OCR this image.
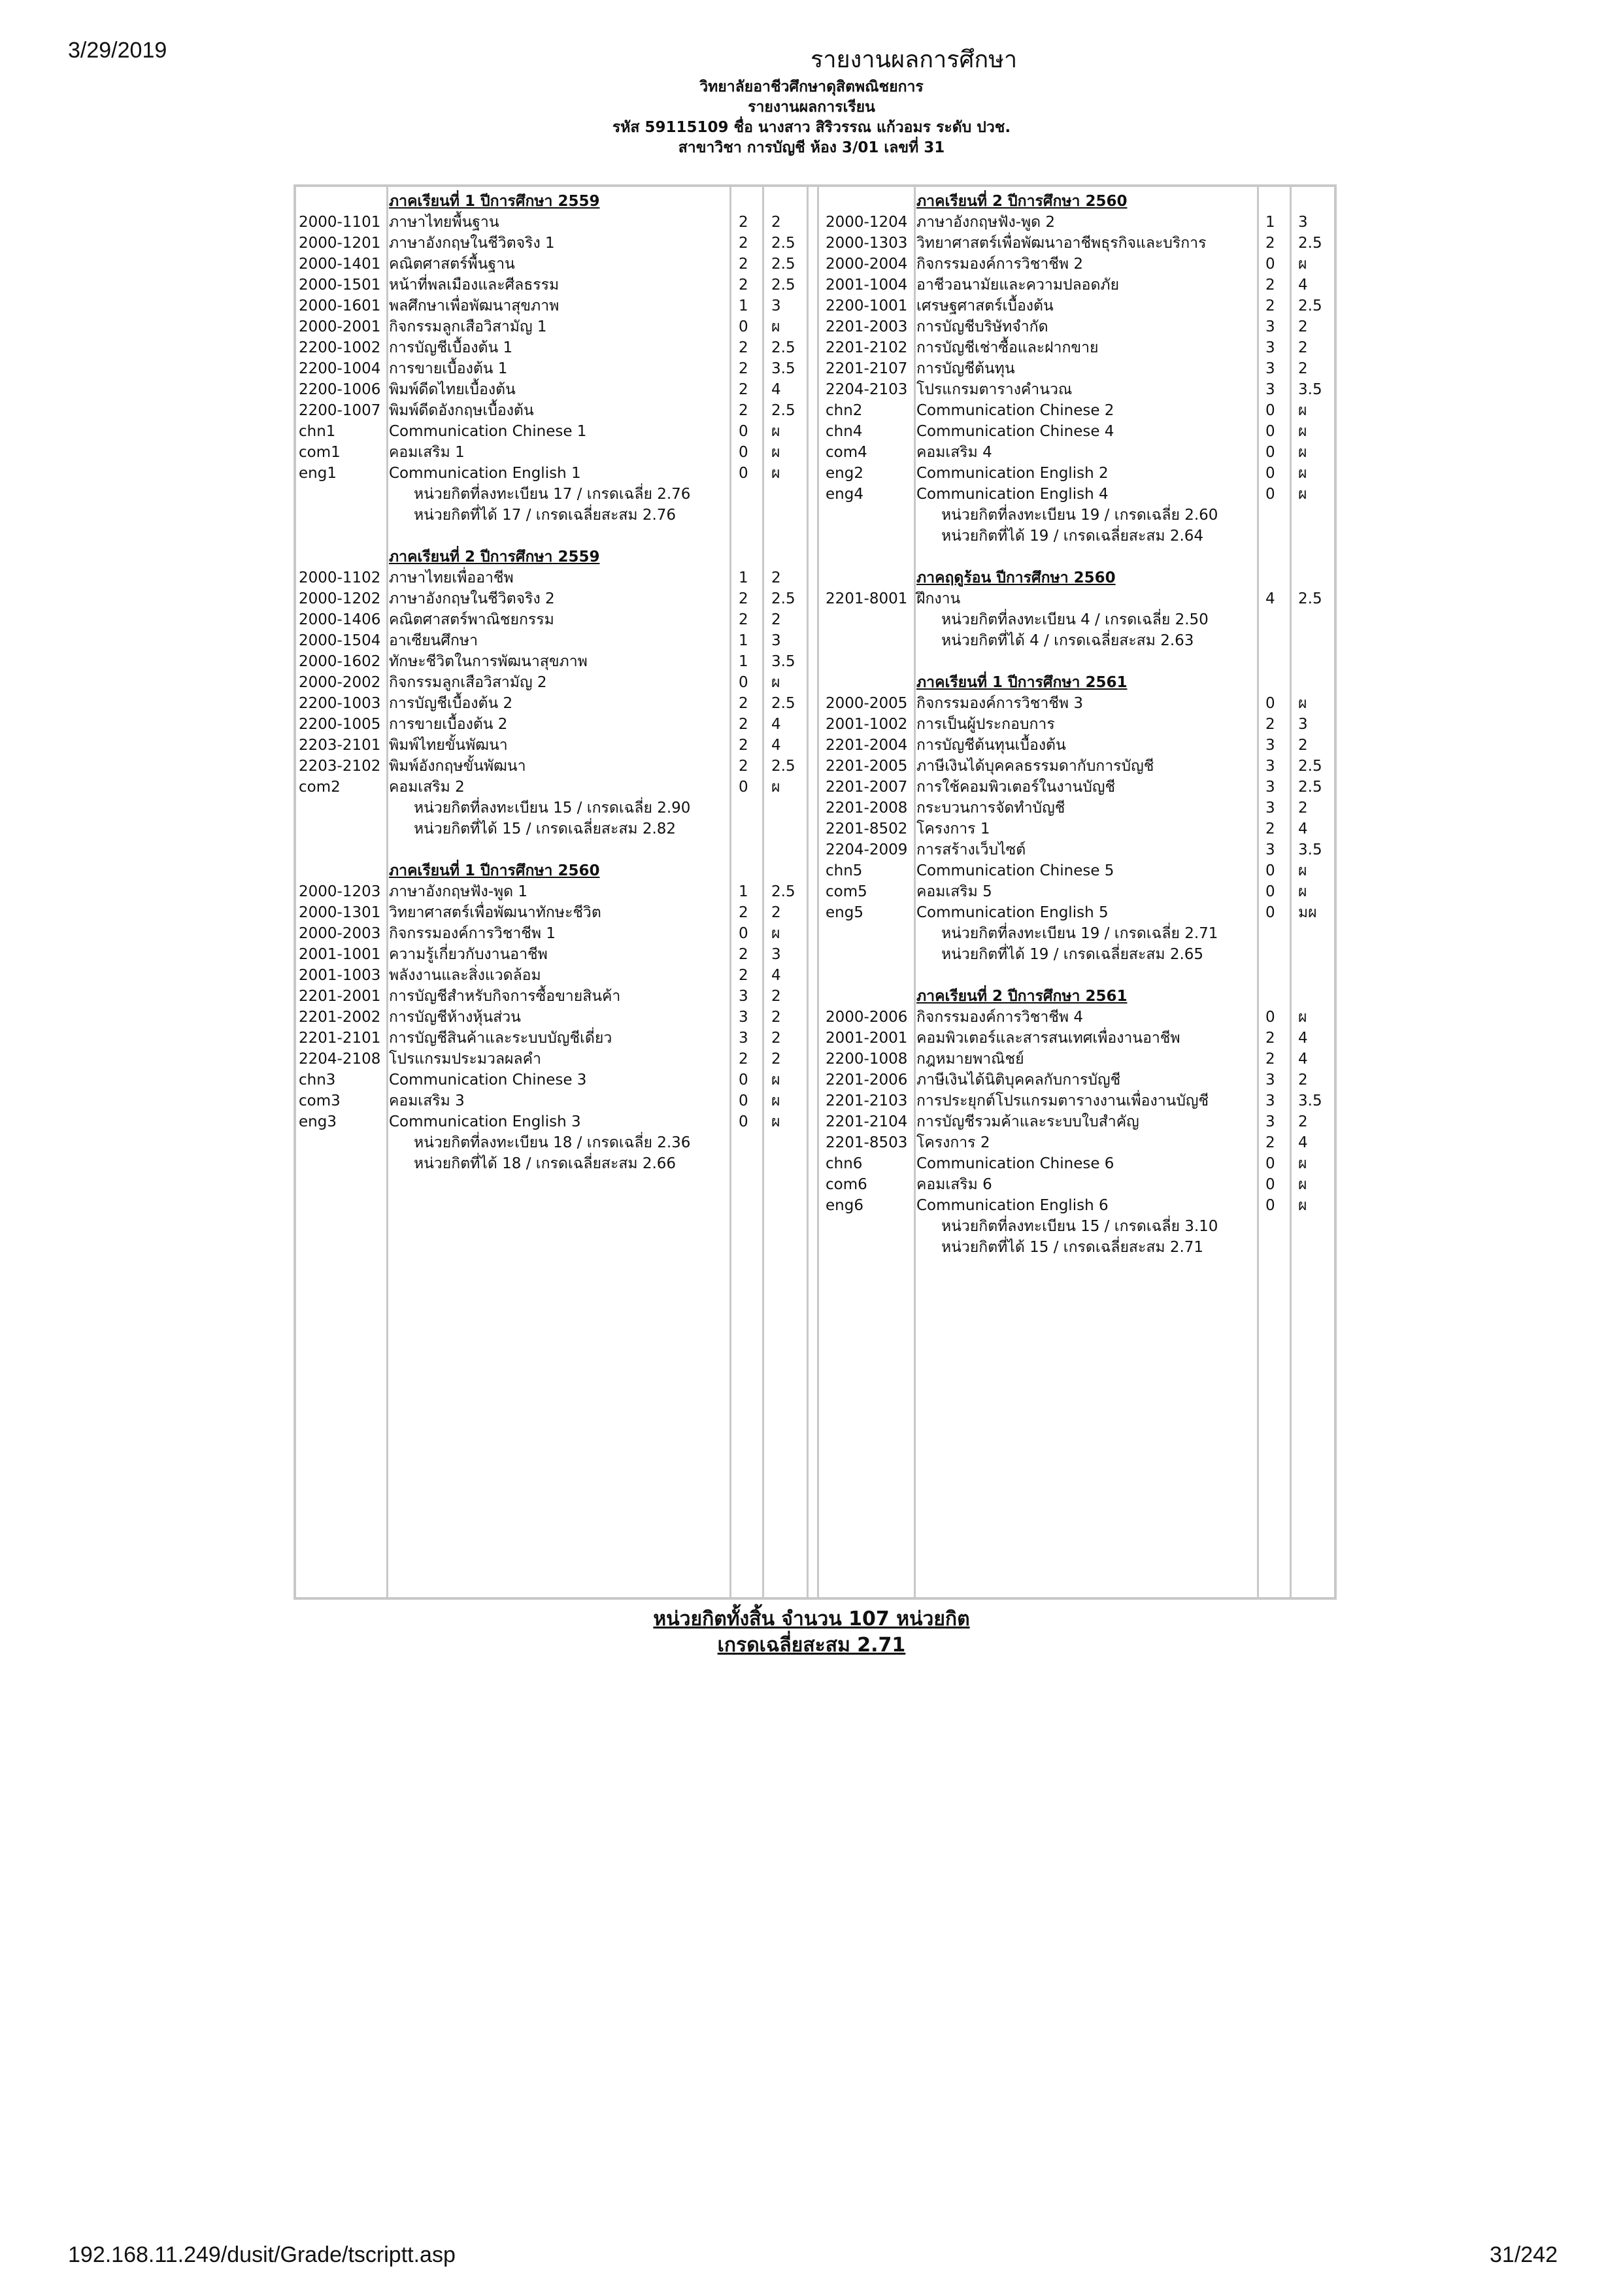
3/29/2019	รายงานผลการศึกษา
วิทยาลัยอาชีวศึกษาดุสิตพณิชยการ
รายงานผลการเรียน
รหัส 59115109 ชื่อ นางสาว สิริวรรณ แก้วอมร ระดับ ปวช.
สาขาวิชา การบัญชี ห้อง 3/01 เลขที่ 31
ภาคเรียนที่ 1 ปีการศึกษา 2559
2000-1101 ภาษาไทยพื้นฐาน	2 2
2000-1201 ภาษาอังกฤษในชีวิตจริง 1	2 2.5
2000-1401 คณิตศาสตร์พื้นฐาน	2 2.5
2000-1501 หน้าที่พลเมืองและศีลธรรม	2 2.5
2000-1601 พลศึกษาเพื่อพัฒนาสุขภาพ	1 3
2000-2001 กิจกรรมลูกเสือวิสามัญ 1	0 ผ
2200-1002 การบัญชีเบื้องต้น 1	2 2.5
2200-1004 การขายเบื้องต้น 1	2 3.5
2200-1006 พิมพ์ดีดไทยเบื้องต้น	2 4
2200-1007 พิมพ์ดีดอังกฤษเบื้องต้น	2 2.5
chn1	Communication Chinese 1	0 ผ
com1	คอมเสริม 1	0 ผ
eng1	Communication English 1	0 ผ
หน่วยกิตที่ลงทะเบียน 17 / เกรดเฉลี่ย 2.76
หน่วยกิตที่ได้ 17 / เกรดเฉลี่ยสะสม 2.76
ภาคเรียนที่ 2 ปีการศึกษา 2559
2000-1102 ภาษาไทยเพื่ออาชีพ	1 2
2000-1202 ภาษาอังกฤษในชีวิตจริง 2	2 2.5
2000-1406 คณิตศาสตร์พาณิชยกรรม	2 2
2000-1504 อาเซียนศึกษา	1 3
2000-1602 ทักษะชีวิตในการพัฒนาสุขภาพ	1 3.5
2000-2002 กิจกรรมลูกเสือวิสามัญ 2	0 ผ
2200-1003 การบัญชีเบื้องต้น 2	2 2.5
2200-1005 การขายเบื้องต้น 2	2 4
2203-2101 พิมพ์ไทยขั้นพัฒนา	2 4
2203-2102 พิมพ์อังกฤษขั้นพัฒนา	2 2.5
com2	คอมเสริม 2	0 ผ
หน่วยกิตที่ลงทะเบียน 15 / เกรดเฉลี่ย 2.90
หน่วยกิตที่ได้ 15 / เกรดเฉลี่ยสะสม 2.82
ภาคเรียนที่ 1 ปีการศึกษา 2560
2000-1203 ภาษาอังกฤษฟัง-พูด 1	1 2.5
2000-1301 วิทยาศาสตร์เพื่อพัฒนาทักษะชีวิต	2 2
2000-2003 กิจกรรมองค์การวิชาชีพ 1	0 ผ
2001-1001 ความรู้เกี่ยวกับงานอาชีพ	2 3
2001-1003 พลังงานและสิ่งแวดล้อม	2 4
2201-2001 การบัญชีสำหรับกิจการซื้อขายสินค้า	3 2
2201-2002 การบัญชีห้างหุ้นส่วน	3 2
2201-2101 การบัญชีสินค้าและระบบบัญชีเดี่ยว	3 2
2204-2108 โปรแกรมประมวลผลคำ	2 2
chn3	Communication Chinese 3	0 ผ
com3	คอมเสริม 3	0 ผ
eng3	Communication English 3	0 ผ
หน่วยกิตที่ลงทะเบียน 18 / เกรดเฉลี่ย 2.36
หน่วยกิตที่ได้ 18 / เกรดเฉลี่ยสะสม 2.66
ภาคเรียนที่ 2 ปีการศึกษา 2560
2000-1204 ภาษาอังกฤษฟัง-พูด 2	1 3
2000-1303 วิทยาศาสตร์เพื่อพัฒนาอาชีพธุรกิจและบริการ	2 2.5
2000-2004 กิจกรรมองค์การวิชาชีพ 2	0 ผ
2001-1004 อาชีวอนามัยและความปลอดภัย	2 4
2200-1001 เศรษฐศาสตร์เบื้องต้น	2 2.5
2201-2003 การบัญชีบริษัทจำกัด	3 2
2201-2102 การบัญชีเช่าซื้อและฝากขาย	3 2
2201-2107 การบัญชีต้นทุน	3 2
2204-2103 โปรแกรมตารางคำนวณ	3 3.5
chn2	Communication Chinese 2	0 ผ
chn4	Communication Chinese 4	0 ผ
com4	คอมเสริม 4	0 ผ
eng2	Communication English 2	0 ผ
eng4	Communication English 4	0 ผ
หน่วยกิตที่ลงทะเบียน 19 / เกรดเฉลี่ย 2.60
หน่วยกิตที่ได้ 19 / เกรดเฉลี่ยสะสม 2.64
ภาคฤดูร้อน ปีการศึกษา 2560
2201-8001 ฝึกงาน	4 2.5
หน่วยกิตที่ลงทะเบียน 4 / เกรดเฉลี่ย 2.50
หน่วยกิตที่ได้ 4 / เกรดเฉลี่ยสะสม 2.63
ภาคเรียนที่ 1 ปีการศึกษา 2561
2000-2005 กิจกรรมองค์การวิชาชีพ 3	0 ผ
2001-1002 การเป็นผู้ประกอบการ	2 3
2201-2004 การบัญชีต้นทุนเบื้องต้น	3 2
2201-2005 ภาษีเงินได้บุคคลธรรมดากับการบัญชี	3 2.5
2201-2007 การใช้คอมพิวเตอร์ในงานบัญชี	3 2.5
2201-2008 กระบวนการจัดทำบัญชี	3 2
2201-8502 โครงการ 1	2 4
2204-2009 การสร้างเว็บไซต์	3 3.5
chn5	Communication Chinese 5	0 ผ
com5	คอมเสริม 5	0 ผ
eng5	Communication English 5	0 มผ
หน่วยกิตที่ลงทะเบียน 19 / เกรดเฉลี่ย 2.71
หน่วยกิตที่ได้ 19 / เกรดเฉลี่ยสะสม 2.65
ภาคเรียนที่ 2 ปีการศึกษา 2561
2000-2006 กิจกรรมองค์การวิชาชีพ 4	0 ผ
2001-2001 คอมพิวเตอร์และสารสนเทศเพื่องานอาชีพ	2 4
2200-1008 กฎหมายพาณิชย์	2 4
2201-2006 ภาษีเงินได้นิติบุคคลกับการบัญชี	3 2
2201-2103 การประยุกต์โปรแกรมตารางงานเพื่องานบัญชี	3 3.5
2201-2104 การบัญชีรวมค้าและระบบใบสำคัญ	3 2
2201-8503 โครงการ 2	2 4
chn6	Communication Chinese 6	0 ผ
com6	คอมเสริม 6	0 ผ
eng6	Communication English 6	0 ผ
หน่วยกิตที่ลงทะเบียน 15 / เกรดเฉลี่ย 3.10
หน่วยกิตที่ได้ 15 / เกรดเฉลี่ยสะสม 2.71
หน่วยกิตทั้งสิ้น จำนวน 107 หน่วยกิต
เกรดเฉลี่ยสะสม 2.71
192.168.11.249/dusit/Grade/tscriptt.asp	31/242
